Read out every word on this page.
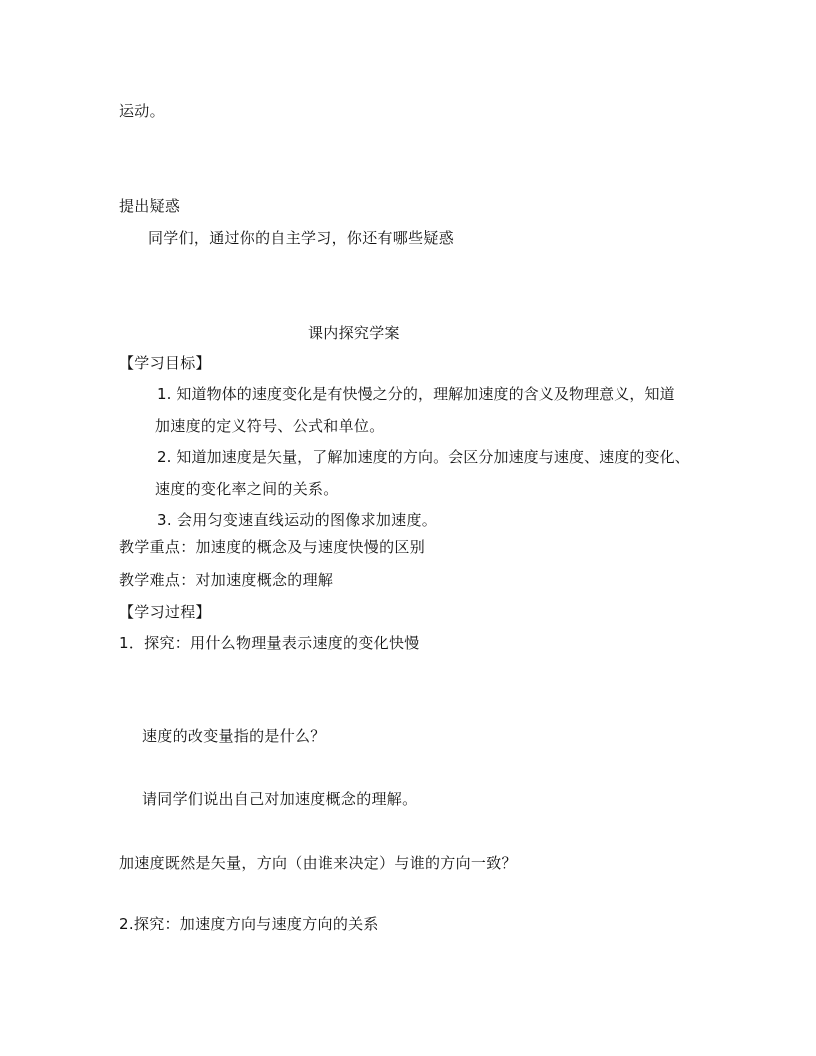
运动。
提出疑惑
同学们，通过你的自主学习，你还有哪些疑惑
课内探究学案
【学习目标】
1. 知道物体的速度变化是有快慢之分的，理解加速度的含义及物理意义，知道
加速度的定义符号、公式和单位。
2. 知道加速度是矢量，了解加速度的方向。会区分加速度与速度、速度的变化、
速度的变化率之间的关系。
3. 会用匀变速直线运动的图像求加速度。
教学重点：加速度的概念及与速度快慢的区别
教学难点：对加速度概念的理解
【学习过程】
1．探究：用什么物理量表示速度的变化快慢
速度的改变量指的是什么？
请同学们说出自己对加速度概念的理解。
加速度既然是矢量，方向（由谁来决定）与谁的方向一致？
2.探究：加速度方向与速度方向的关系
